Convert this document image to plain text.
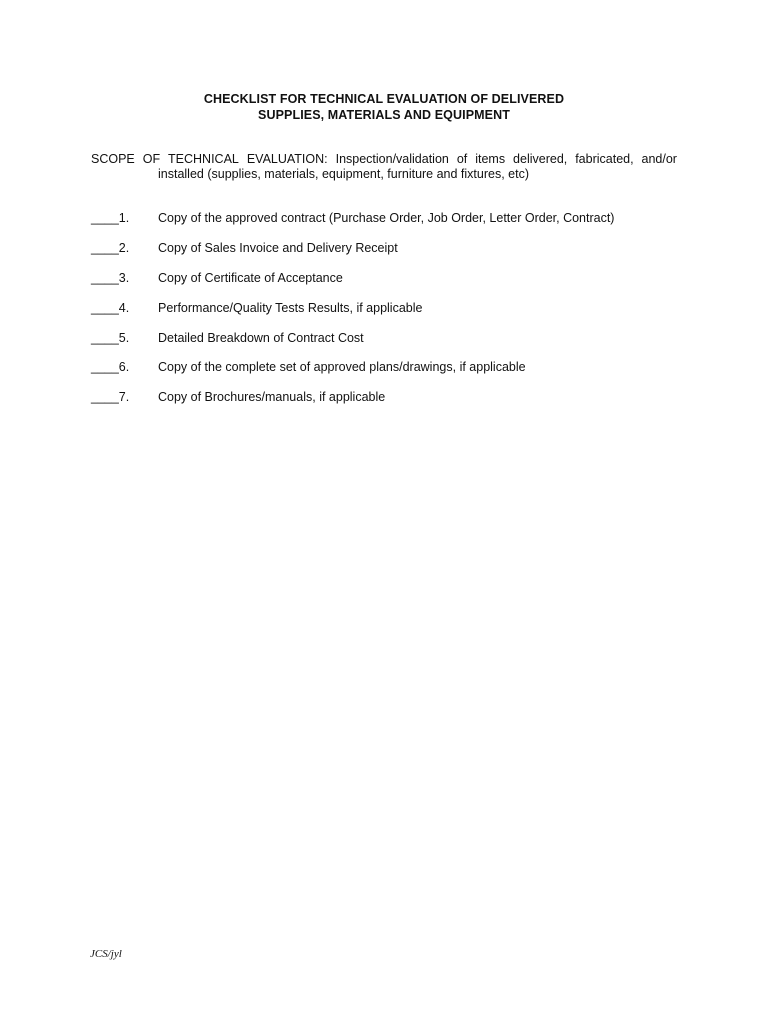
CHECKLIST FOR TECHNICAL EVALUATION OF DELIVERED
SUPPLIES, MATERIALS AND EQUIPMENT
SCOPE OF TECHNICAL EVALUATION: Inspection/validation of items delivered, fabricated, and/or
installed (supplies, materials, equipment, furniture and fixtures, etc)
____1.	Copy of the approved contract (Purchase Order, Job Order, Letter Order, Contract)
____2.	Copy of Sales Invoice and Delivery Receipt
____3.	Copy of Certificate of Acceptance
____4.	Performance/Quality Tests Results, if applicable
____5.	Detailed Breakdown of Contract Cost
____6.	Copy of the complete set of approved plans/drawings, if applicable
____7.	Copy of Brochures/manuals, if applicable
JCS/jyl
